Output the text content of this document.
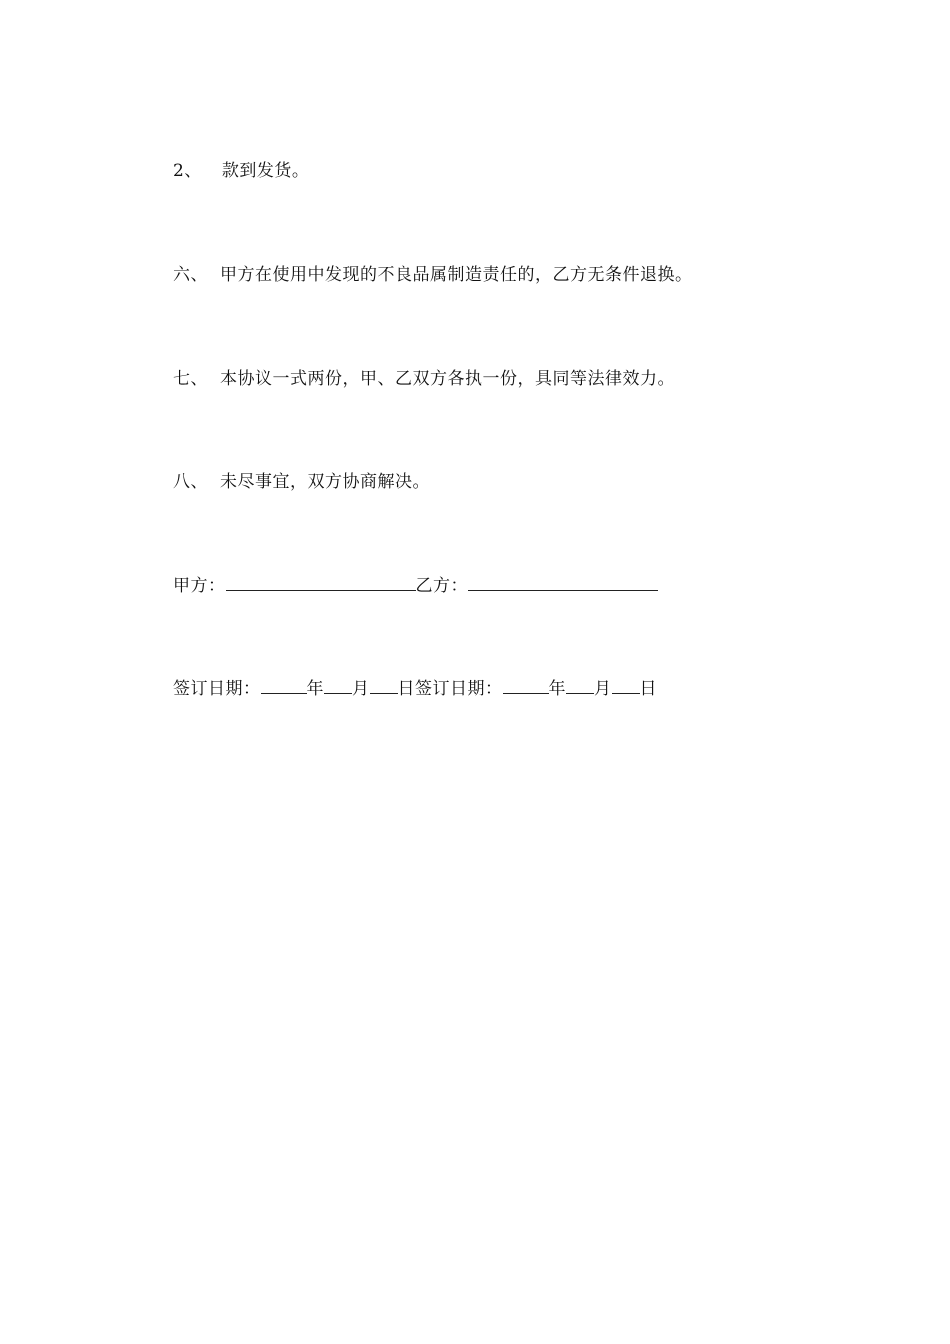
2、 款到发货。
六、 甲方在使用中发现的不良品属制造责任的，乙方无条件退换。
七、 本协议一式两份，甲、乙双方各执一份，具同等法律效力。
八、 未尽事宜，双方协商解决。
甲方：	乙方：
签订日期：	年 月 日签订日期：	年 月 日
